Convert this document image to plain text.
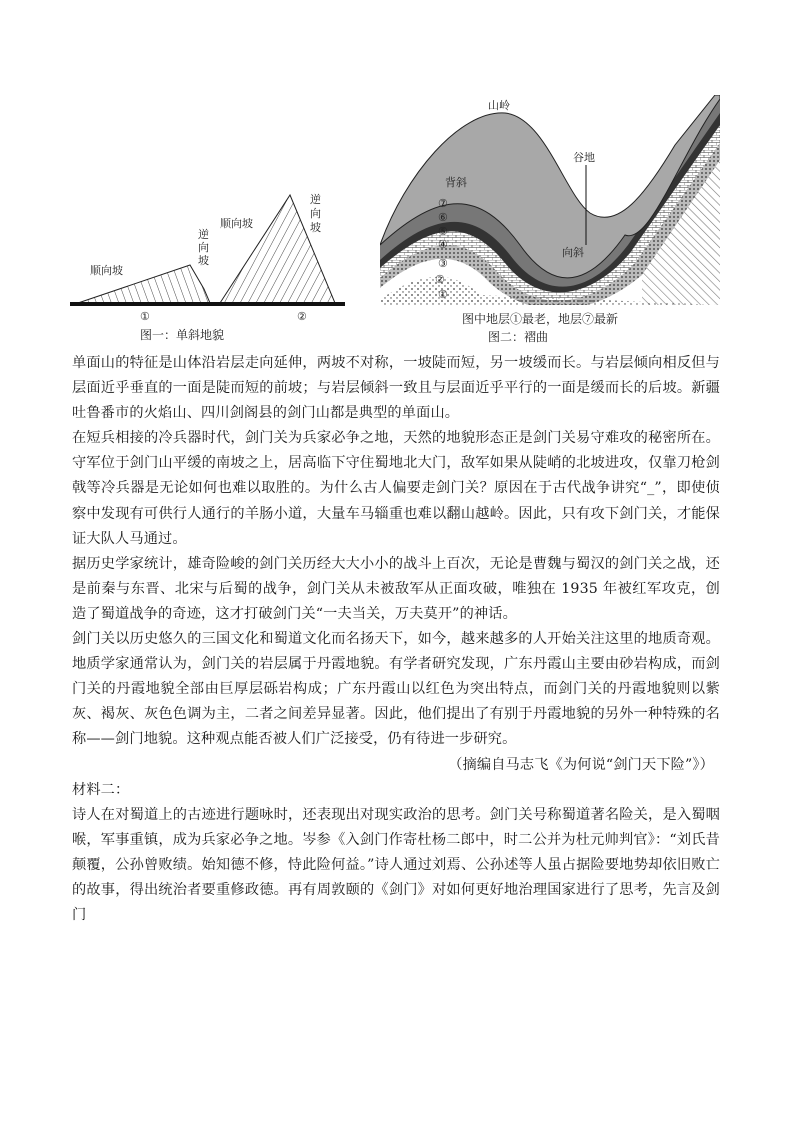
顺向坡
逆
向
坡
顺向坡
逆
向
坡
①	②
图一：单斜地貌
山岭
谷地
背斜
向斜
①
②
③
④
⑤
⑥
⑦
图中地层①最老，地层⑦最新
图二：褶曲

单面山的特征是山体沿岩层走向延伸，两坡不对称，一坡陡而短，另一坡缓而长。与岩层倾向相反但与层面近乎垂直的一面是陡而短的前坡；与岩层倾斜一致且与层面近乎平行的一面是缓而长的后坡。新疆吐鲁番市的火焰山、四川剑阁县的剑门山都是典型的单面山。

在短兵相接的冷兵器时代，剑门关为兵家必争之地，天然的地貌形态正是剑门关易守难攻的秘密所在。守军位于剑门山平缓的南坡之上，居高临下守住蜀地北大门，敌军如果从陡峭的北坡进攻，仅靠刀枪剑戟等冷兵器是无论如何也难以取胜的。为什么古人偏要走剑门关？原因在于古代战争讲究“_”，即使侦察中发现有可供行人通行的羊肠小道，大量车马辎重也难以翻山越岭。因此，只有攻下剑门关，才能保证大队人马通过。

据历史学家统计，雄奇险峻的剑门关历经大大小小的战斗上百次，无论是曹魏与蜀汉的剑门关之战，还是前秦与东晋、北宋与后蜀的战争，剑门关从未被敌军从正面攻破，唯独在 1935 年被红军攻克，创造了蜀道战争的奇迹，这才打破剑门关“一夫当关，万夫莫开”的神话。

剑门关以历史悠久的三国文化和蜀道文化而名扬天下，如今，越来越多的人开始关注这里的地质奇观。地质学家通常认为，剑门关的岩层属于丹霞地貌。有学者研究发现，广东丹霞山主要由砂岩构成，而剑门关的丹霞地貌全部由巨厚层砾岩构成；广东丹霞山以红色为突出特点，而剑门关的丹霞地貌则以紫灰、褐灰、灰色色调为主，二者之间差异显著。因此，他们提出了有别于丹霞地貌的另外一种特殊的名称——剑门地貌。这种观点能否被人们广泛接受，仍有待进一步研究。

（摘编自马志飞《为何说“剑门天下险”》）

材料二：

诗人在对蜀道上的古迹进行题咏时，还表现出对现实政治的思考。剑门关号称蜀道著名险关，是入蜀咽喉，军事重镇，成为兵家必争之地。岑参《入剑门作寄杜杨二郎中，时二公并为杜元帅判官》：“刘氏昔颠覆，公孙曾败绩。始知德不修，恃此险何益。”诗人通过刘焉、公孙述等人虽占据险要地势却依旧败亡的故事，得出统治者要重修政德。再有周敦颐的《剑门》对如何更好地治理国家进行了思考，先言及剑门
